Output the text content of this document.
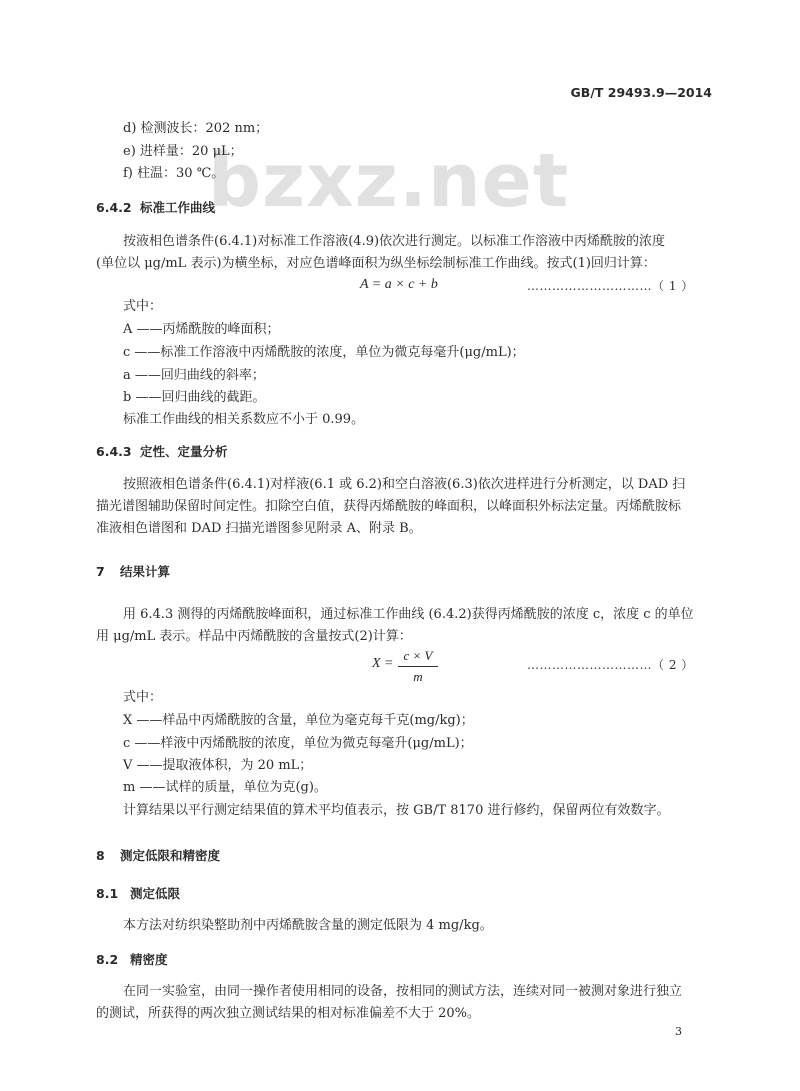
GB/T 29493.9—2014
bzxz.net
d) 检测波长：202 nm；
e) 进样量：20 μL；
f) 柱温：30 ℃。
6.4.2 标准工作曲线
按液相色谱条件(6.4.1)对标准工作溶液(4.9)依次进行测定。以标准工作溶液中丙烯酰胺的浓度
(单位以 μg/mL 表示)为横坐标，对应色谱峰面积为纵坐标绘制标准工作曲线。按式(1)回归计算：
A = a × c + b	…………………………（ 1 ）
式中：
A ——丙烯酰胺的峰面积；
c ——标准工作溶液中丙烯酰胺的浓度，单位为微克每毫升(μg/mL)；
a ——回归曲线的斜率；
b ——回归曲线的截距。
标准工作曲线的相关系数应不小于 0.99。
6.4.3 定性、定量分析
按照液相色谱条件(6.4.1)对样液(6.1 或 6.2)和空白溶液(6.3)依次进样进行分析测定，以 DAD 扫
描光谱图辅助保留时间定性。扣除空白值，获得丙烯酰胺的峰面积，以峰面积外标法定量。丙烯酰胺标
准液相色谱图和 DAD 扫描光谱图参见附录 A、附录 B。
7 结果计算
用 6.4.3 测得的丙烯酰胺峰面积，通过标准工作曲线 (6.4.2)获得丙烯酰胺的浓度 c，浓度 c 的单位
用 μg/mL 表示。样品中丙烯酰胺的含量按式(2)计算：
X =
c × V
m
…………………………（ 2 ）
式中：
X ——样品中丙烯酰胺的含量，单位为毫克每千克(mg/kg)；
c ——样液中丙烯酰胺的浓度，单位为微克每毫升(μg/mL)；
V ——提取液体积，为 20 mL；
m ——试样的质量，单位为克(g)。
计算结果以平行测定结果值的算术平均值表示，按 GB/T 8170 进行修约，保留两位有效数字。
8 测定低限和精密度
8.1 测定低限
本方法对纺织染整助剂中丙烯酰胺含量的测定低限为 4 mg/kg。
8.2 精密度
在同一实验室，由同一操作者使用相同的设备，按相同的测试方法，连续对同一被测对象进行独立
的测试，所获得的两次独立测试结果的相对标准偏差不大于 20%。
3
